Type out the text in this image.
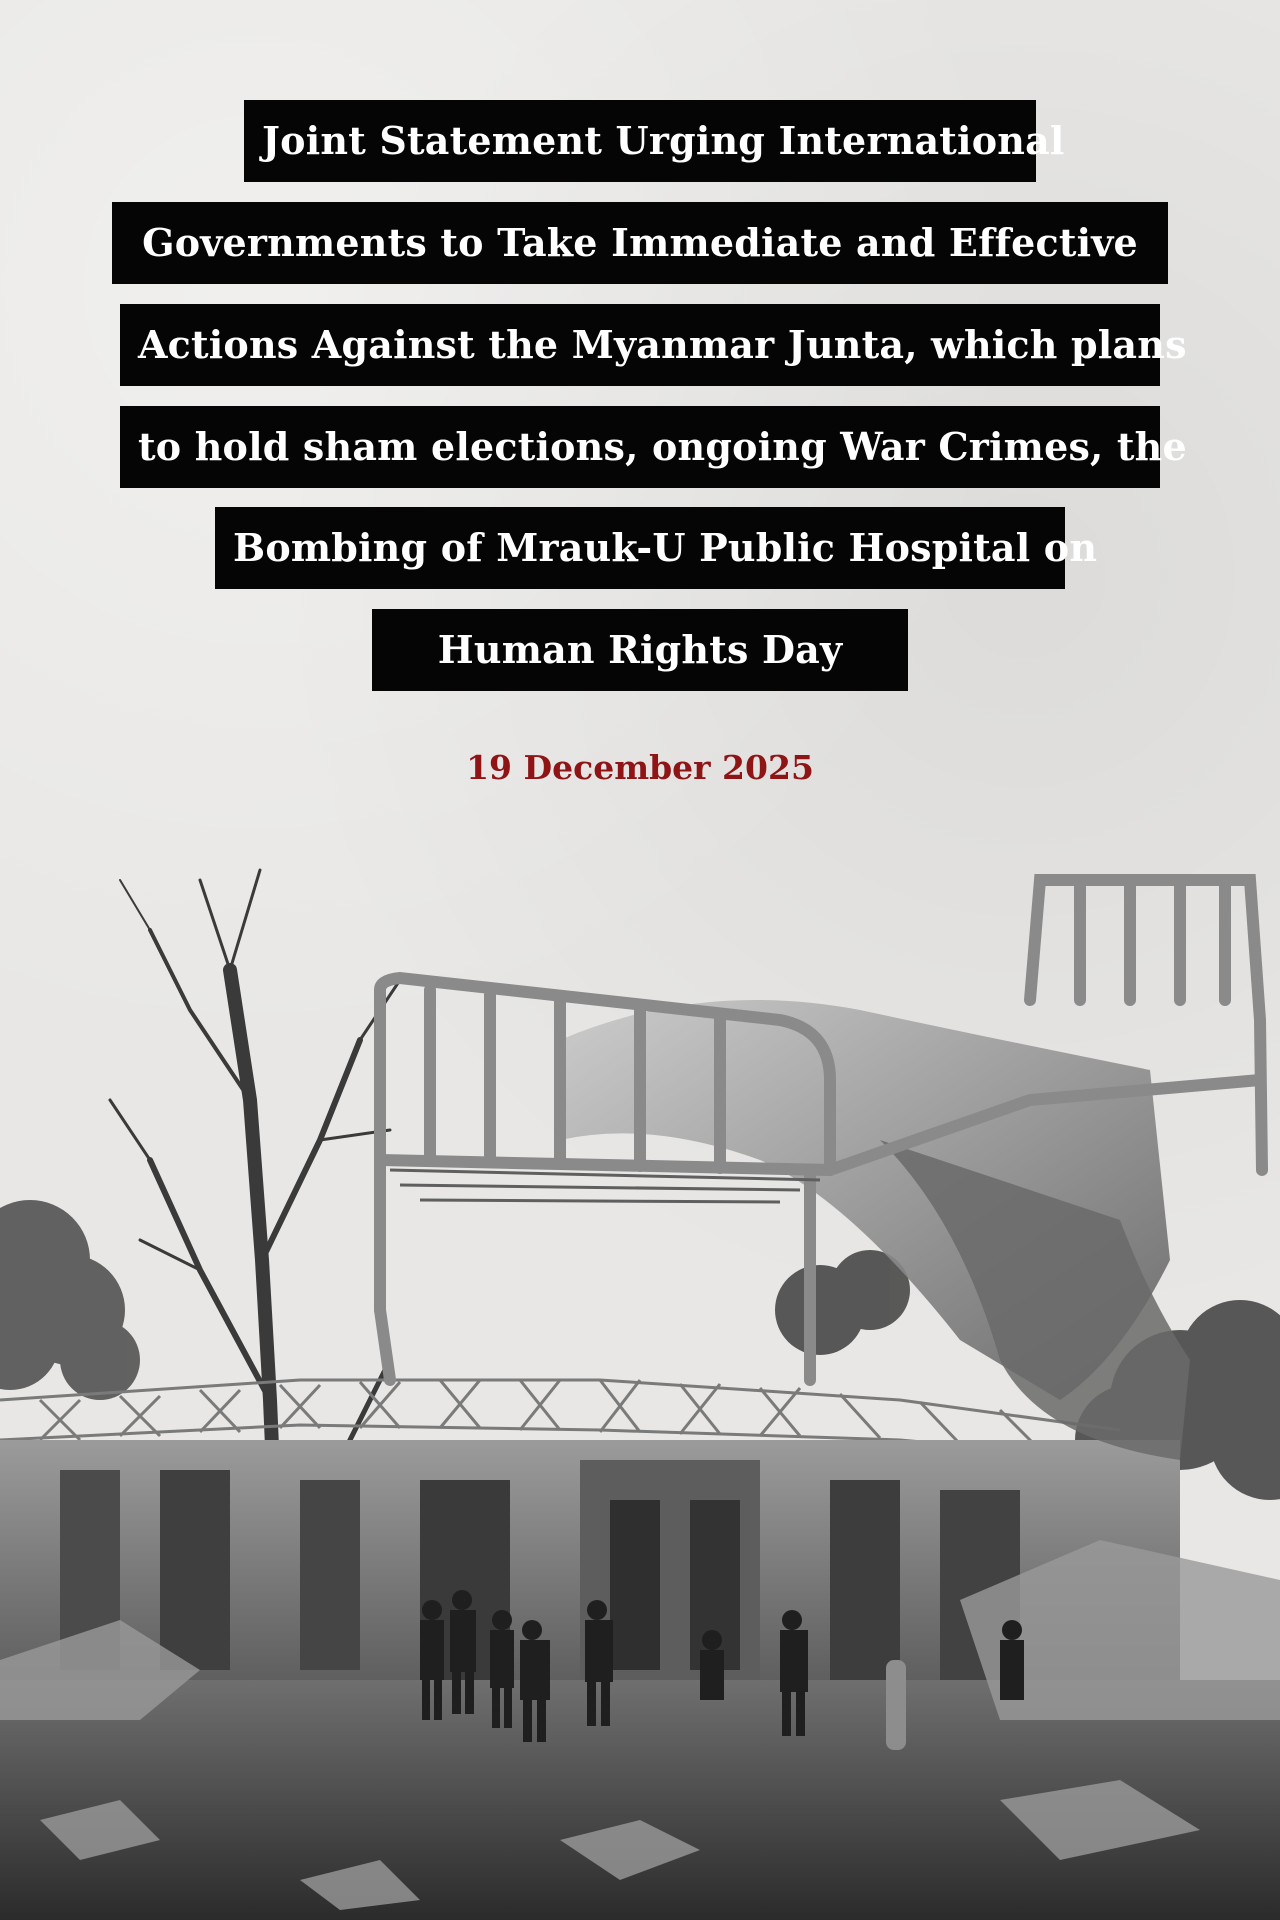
Joint Statement Urging International
Governments to Take Immediate and Effective
Actions Against the Myanmar Junta, which plans
to hold sham elections, ongoing War Crimes, the
Bombing of Mrauk-U Public Hospital on
Human Rights Day
19 December 2025
